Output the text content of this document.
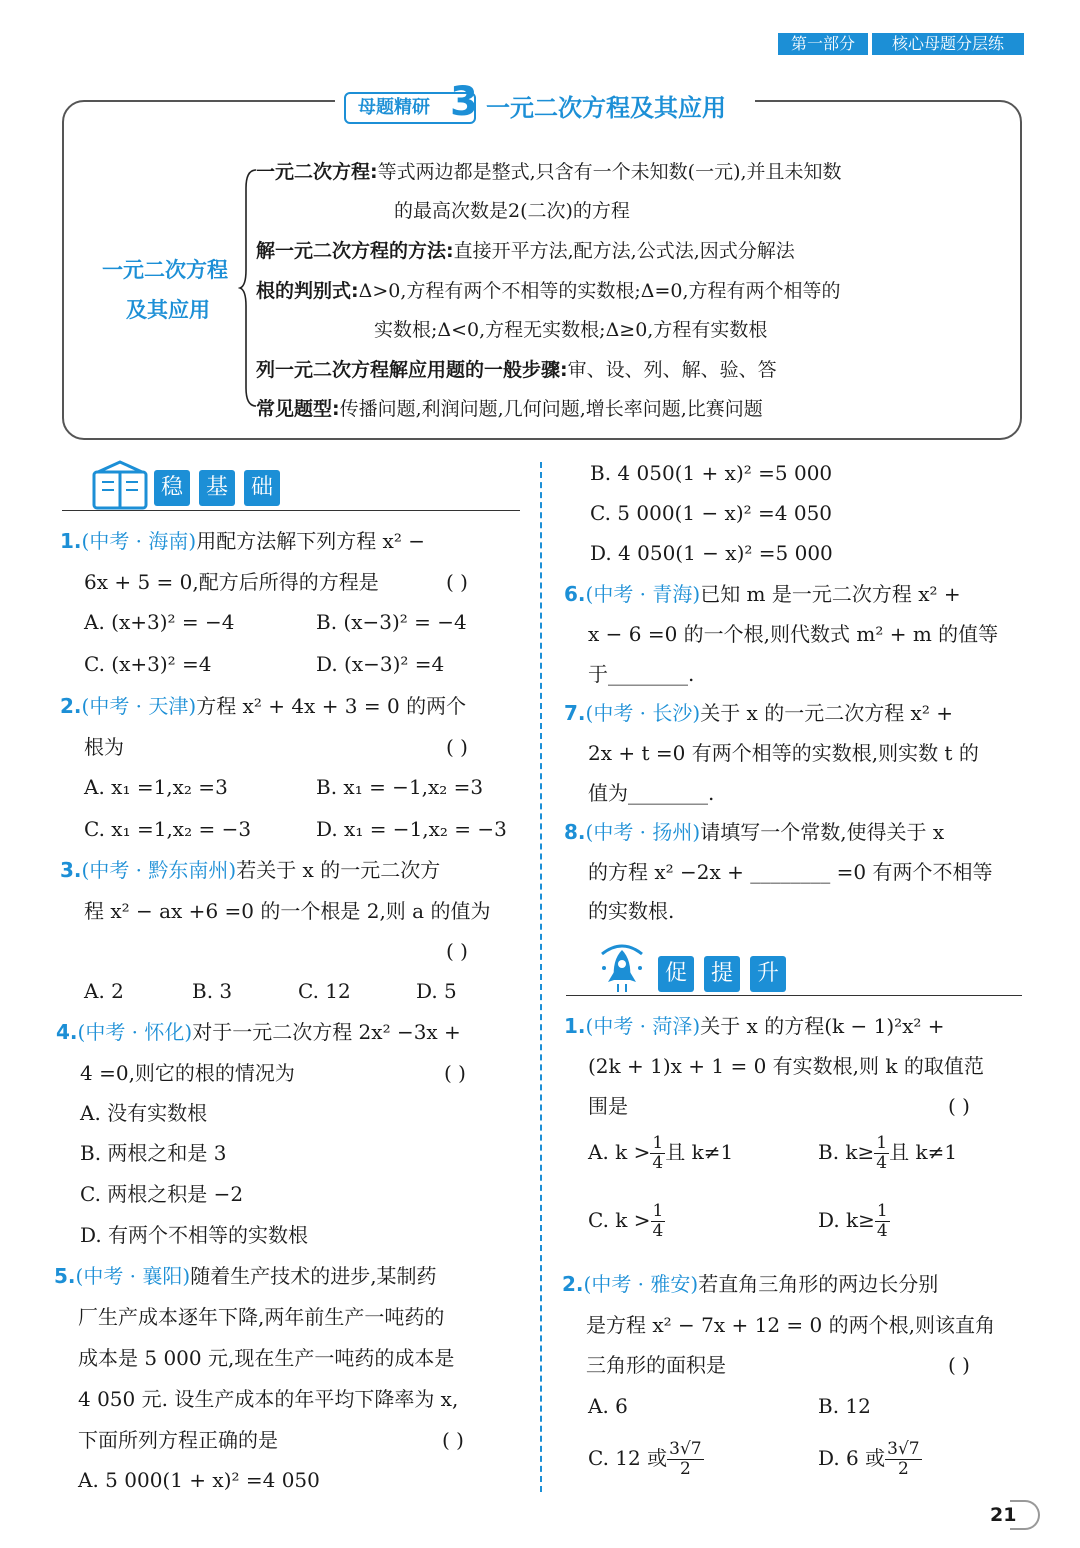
第一部分	核心母题分层练
母题精研 3 一元二次方程及其应用
一元二次方程
及其应用
一元二次方程:等式两边都是整式,只含有一个未知数(一元),并且未知数
的最高次数是2(二次)的方程
解一元二次方程的方法:直接开平方法,配方法,公式法,因式分解法
根的判别式:Δ>0,方程有两个不相等的实数根;Δ=0,方程有两个相等的
实数根;Δ<0,方程无实数根;Δ≥0,方程有实数根
列一元二次方程解应用题的一般步骤:审、设、列、解、验、答
常见题型:传播问题,利润问题,几何问题,增长率问题,比赛问题
稳	基	础
1.(中考 · 海南)用配方法解下列方程 x² −
6x + 5 = 0,配方后所得的方程是	( )
A. (x+3)² = −4	B. (x−3)² = −4
C. (x+3)² =4	D. (x−3)² =4
2.(中考 · 天津)方程 x² + 4x + 3 = 0 的两个
根为	( )
A. x₁ =1,x₂ =3	B. x₁ = −1,x₂ =3
C. x₁ =1,x₂ = −3	D. x₁ = −1,x₂ = −3
3.(中考 · 黔东南州)若关于 x 的一元二次方
程 x² − ax +6 =0 的一个根是 2,则 a 的值为
( )
A. 2	B. 3	C. 12	D. 5
4.(中考 · 怀化)对于一元二次方程 2x² −3x +
4 =0,则它的根的情况为	( )
A. 没有实数根
B. 两根之和是 3
C. 两根之积是 −2
D. 有两个不相等的实数根
5.(中考 · 襄阳)随着生产技术的进步,某制药
厂生产成本逐年下降,两年前生产一吨药的
成本是 5 000 元,现在生产一吨药的成本是
4 050 元. 设生产成本的年平均下降率为 x,
下面所列方程正确的是	( )
A. 5 000(1 + x)² =4 050
B. 4 050(1 + x)² =5 000
C. 5 000(1 − x)² =4 050
D. 4 050(1 − x)² =5 000
6.(中考 · 青海)已知 m 是一元二次方程 x² +
x − 6 =0 的一个根,则代数式 m² + m 的值等
于________.
7.(中考 · 长沙)关于 x 的一元二次方程 x² +
2x + t =0 有两个相等的实数根,则实数 t 的
值为________.
8.(中考 · 扬州)请填写一个常数,使得关于 x
的方程 x² −2x + ________ =0 有两个不相等
的实数根.
促	提	升
1.(中考 · 菏泽)关于 x 的方程(k − 1)²x² +
(2k + 1)x + 1 = 0 有实数根,则 k 的取值范
围是	( )
A. $k > \frac{1}{4}$ 且 k≠1	B. $k\ge \frac{1}{4}$ 且 k≠1
C. $k > \frac{1}{4}$	D. $k\ge \frac{1}{4}$
2.(中考 · 雅安)若直角三角形的两边长分别
是方程 x² − 7x + 12 = 0 的两个根,则该直角
三角形的面积是	( )
A. 6	B. 12
C. 12 或 $\frac{3√7}{2}$	D. 6 或 $\frac{3√7}{2}$
21
